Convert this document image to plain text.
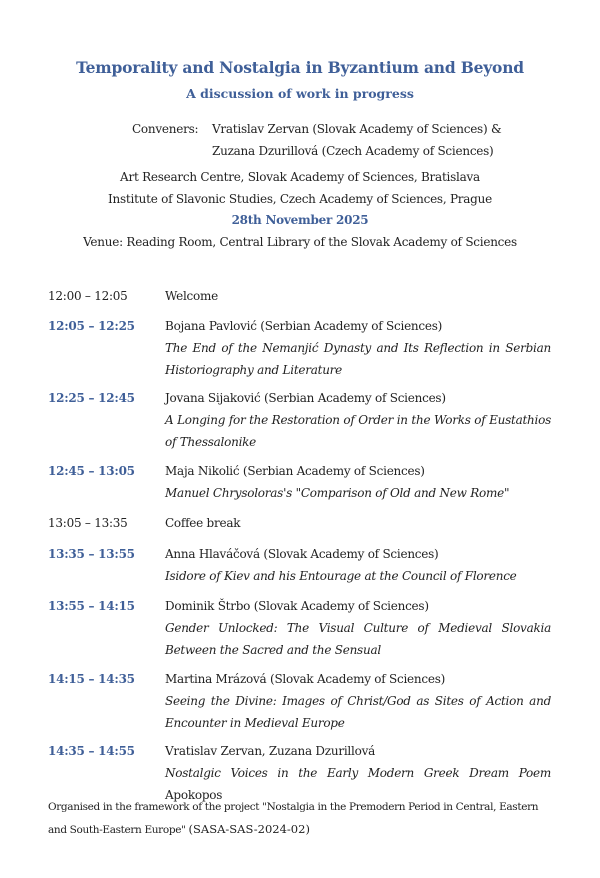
Temporality and Nostalgia in Byzantium and Beyond
A discussion of work in progress
Conveners: Vratislav Zervan (Slovak Academy of Sciences) &
Zuzana Dzurillová (Czech Academy of Sciences)
Art Research Centre, Slovak Academy of Sciences, Bratislava
Institute of Slavonic Studies, Czech Academy of Sciences, Prague
28th November 2025
Venue: Reading Room, Central Library of the Slovak Academy of Sciences
12:00 – 12:05	Welcome
12:05 – 12:25	Bojana Pavlović (Serbian Academy of Sciences)
The End of the Nemanjić Dynasty and Its Reflection in Serbian Historiography and Literature
12:25 – 12:45	Jovana Sijaković (Serbian Academy of Sciences)
A Longing for the Restoration of Order in the Works of Eustathios of Thessalonike
12:45 – 13:05	Maja Nikolić (Serbian Academy of Sciences)
Manuel Chrysoloras's "Comparison of Old and New Rome"
13:05 – 13:35	Coffee break
13:35 – 13:55	Anna Hlaváčová (Slovak Academy of Sciences)
Isidore of Kiev and his Entourage at the Council of Florence
13:55 – 14:15	Dominik Štrbo (Slovak Academy of Sciences)
Gender Unlocked: The Visual Culture of Medieval Slovakia Between the Sacred and the Sensual
14:15 – 14:35	Martina Mrázová (Slovak Academy of Sciences)
Seeing the Divine: Images of Christ/God as Sites of Action and Encounter in Medieval Europe
14:35 – 14:55	Vratislav Zervan, Zuzana Dzurillová
Nostalgic Voices in the Early Modern Greek Dream Poem Apokopos
Organised in the framework of the project "Nostalgia in the Premodern Period in Central, Eastern and South-Eastern Europe" (SASA-SAS-2024-02)
